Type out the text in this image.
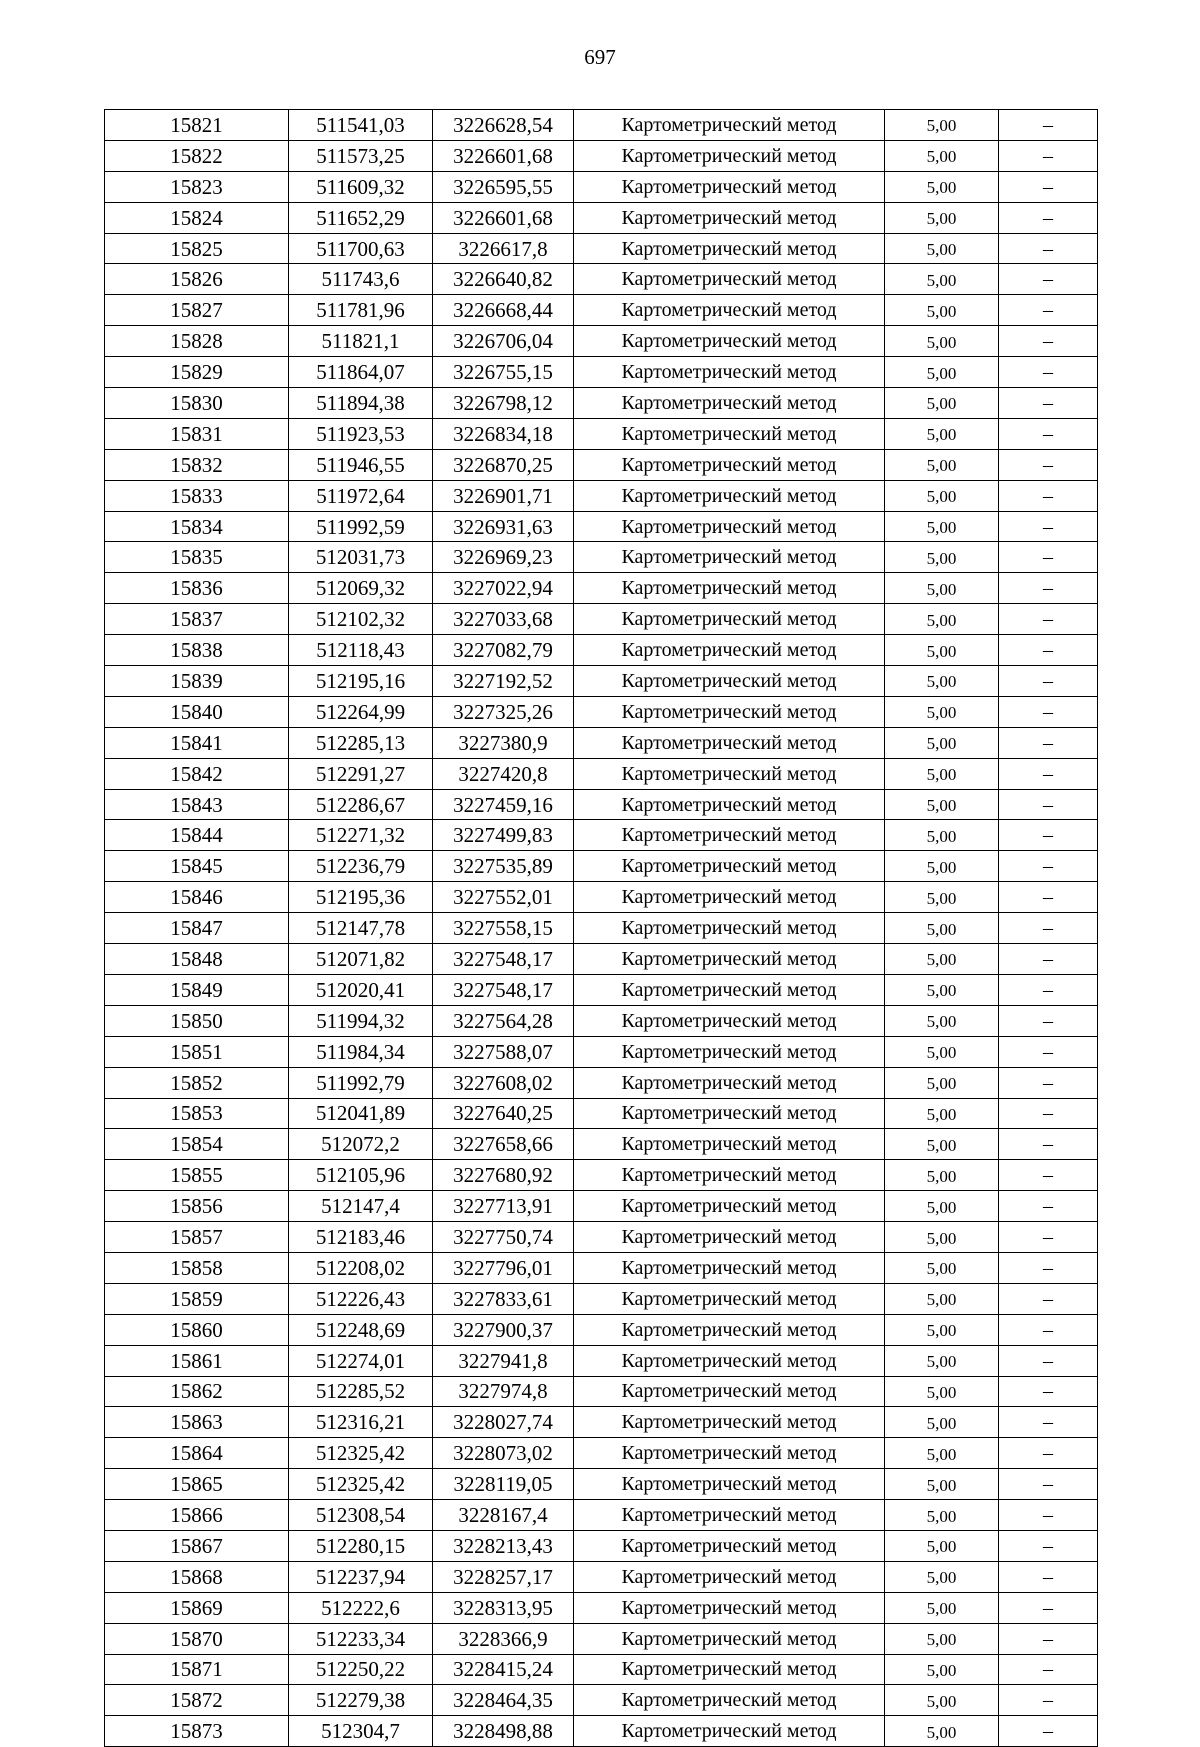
697
15821	511541,03	3226628,54	Картометрический метод	5,00	–
15822	511573,25	3226601,68	Картометрический метод	5,00	–
15823	511609,32	3226595,55	Картометрический метод	5,00	–
15824	511652,29	3226601,68	Картометрический метод	5,00	–
15825	511700,63	3226617,8	Картометрический метод	5,00	–
15826	511743,6	3226640,82	Картометрический метод	5,00	–
15827	511781,96	3226668,44	Картометрический метод	5,00	–
15828	511821,1	3226706,04	Картометрический метод	5,00	–
15829	511864,07	3226755,15	Картометрический метод	5,00	–
15830	511894,38	3226798,12	Картометрический метод	5,00	–
15831	511923,53	3226834,18	Картометрический метод	5,00	–
15832	511946,55	3226870,25	Картометрический метод	5,00	–
15833	511972,64	3226901,71	Картометрический метод	5,00	–
15834	511992,59	3226931,63	Картометрический метод	5,00	–
15835	512031,73	3226969,23	Картометрический метод	5,00	–
15836	512069,32	3227022,94	Картометрический метод	5,00	–
15837	512102,32	3227033,68	Картометрический метод	5,00	–
15838	512118,43	3227082,79	Картометрический метод	5,00	–
15839	512195,16	3227192,52	Картометрический метод	5,00	–
15840	512264,99	3227325,26	Картометрический метод	5,00	–
15841	512285,13	3227380,9	Картометрический метод	5,00	–
15842	512291,27	3227420,8	Картометрический метод	5,00	–
15843	512286,67	3227459,16	Картометрический метод	5,00	–
15844	512271,32	3227499,83	Картометрический метод	5,00	–
15845	512236,79	3227535,89	Картометрический метод	5,00	–
15846	512195,36	3227552,01	Картометрический метод	5,00	–
15847	512147,78	3227558,15	Картометрический метод	5,00	–
15848	512071,82	3227548,17	Картометрический метод	5,00	–
15849	512020,41	3227548,17	Картометрический метод	5,00	–
15850	511994,32	3227564,28	Картометрический метод	5,00	–
15851	511984,34	3227588,07	Картометрический метод	5,00	–
15852	511992,79	3227608,02	Картометрический метод	5,00	–
15853	512041,89	3227640,25	Картометрический метод	5,00	–
15854	512072,2	3227658,66	Картометрический метод	5,00	–
15855	512105,96	3227680,92	Картометрический метод	5,00	–
15856	512147,4	3227713,91	Картометрический метод	5,00	–
15857	512183,46	3227750,74	Картометрический метод	5,00	–
15858	512208,02	3227796,01	Картометрический метод	5,00	–
15859	512226,43	3227833,61	Картометрический метод	5,00	–
15860	512248,69	3227900,37	Картометрический метод	5,00	–
15861	512274,01	3227941,8	Картометрический метод	5,00	–
15862	512285,52	3227974,8	Картометрический метод	5,00	–
15863	512316,21	3228027,74	Картометрический метод	5,00	–
15864	512325,42	3228073,02	Картометрический метод	5,00	–
15865	512325,42	3228119,05	Картометрический метод	5,00	–
15866	512308,54	3228167,4	Картометрический метод	5,00	–
15867	512280,15	3228213,43	Картометрический метод	5,00	–
15868	512237,94	3228257,17	Картометрический метод	5,00	–
15869	512222,6	3228313,95	Картометрический метод	5,00	–
15870	512233,34	3228366,9	Картометрический метод	5,00	–
15871	512250,22	3228415,24	Картометрический метод	5,00	–
15872	512279,38	3228464,35	Картометрический метод	5,00	–
15873	512304,7	3228498,88	Картометрический метод	5,00	–
